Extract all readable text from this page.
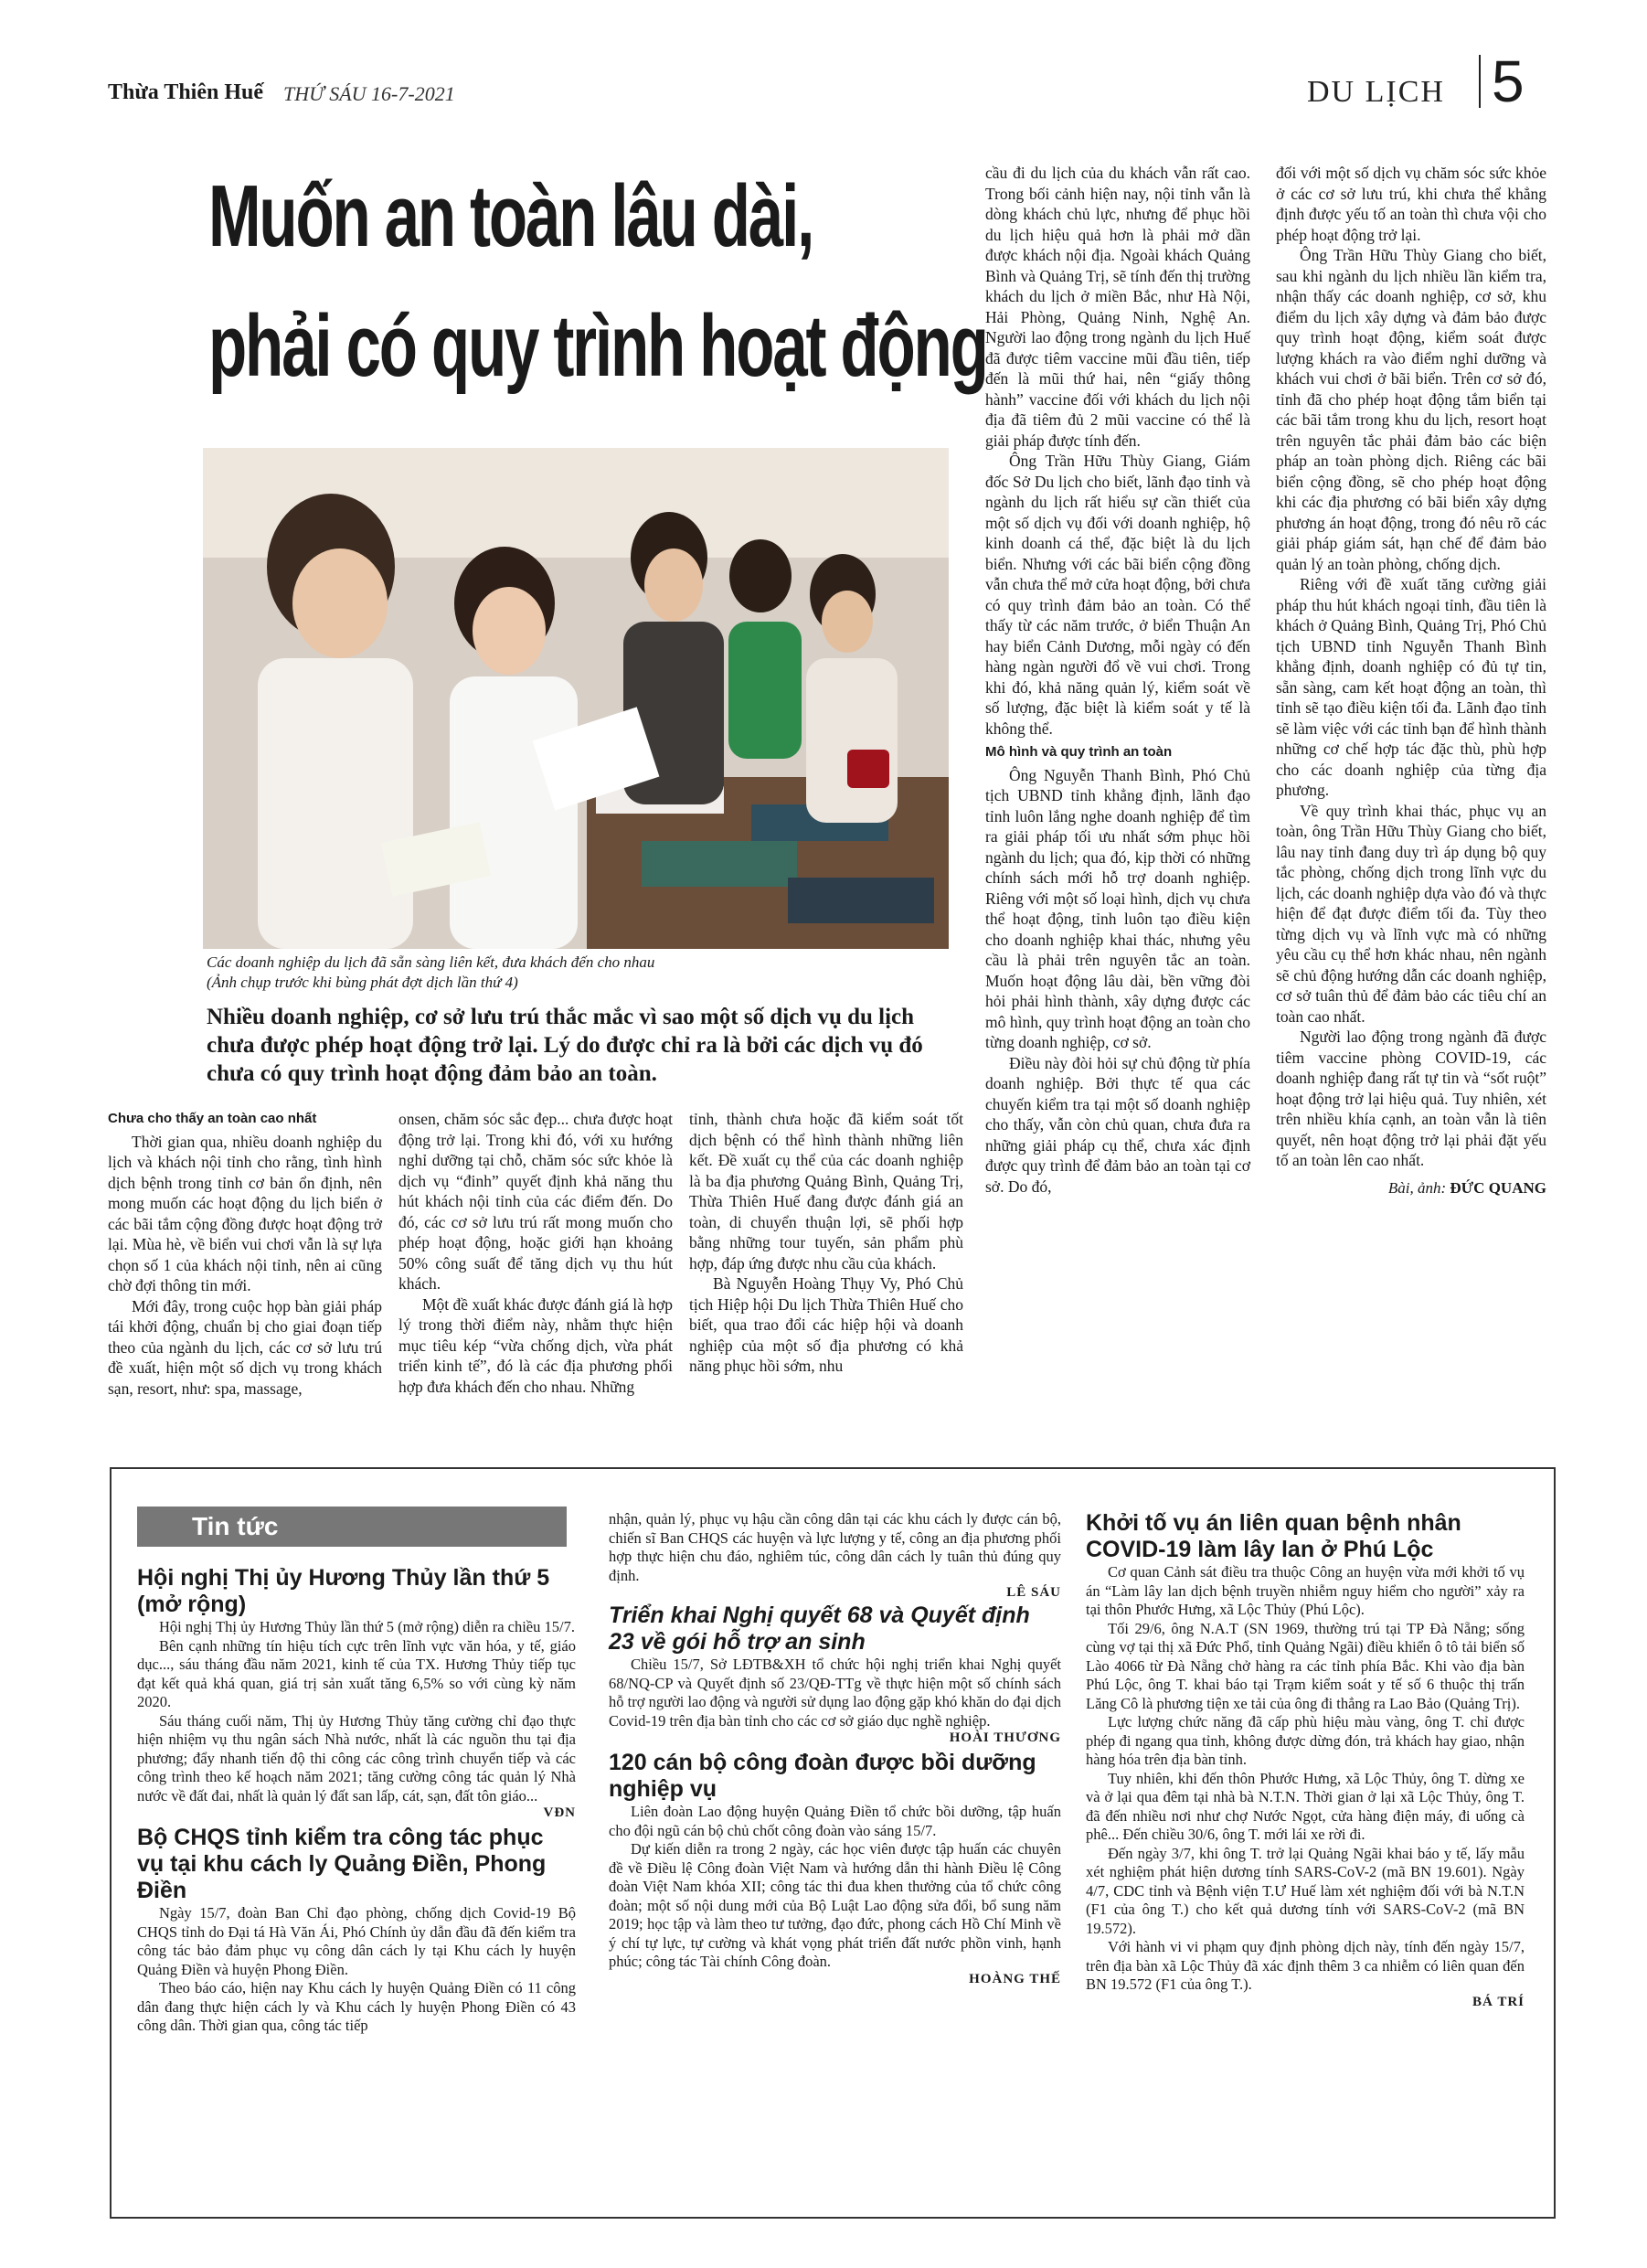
Thừa Thiên Huế THỨ SÁU 16-7-2021	DU LỊCH 5
Muốn an toàn lâu dài,
phải có quy trình hoạt động
Các doanh nghiệp du lịch đã sẵn sàng liên kết, đưa khách đến cho nhau
(Ảnh chụp trước khi bùng phát đợt dịch lần thứ 4)
Nhiều doanh nghiệp, cơ sở lưu trú thắc mắc vì sao một số dịch vụ du lịch chưa được phép hoạt động trở lại. Lý do được chỉ ra là bởi các dịch vụ đó chưa có quy trình hoạt động đảm bảo an toàn.
Chưa cho thấy an toàn cao nhất

Thời gian qua, nhiều doanh nghiệp du lịch và khách nội tỉnh cho rằng, tình hình dịch bệnh trong tỉnh cơ bản ổn định, nên mong muốn các hoạt động du lịch biển ở các bãi tắm cộng đồng được hoạt động trở lại. Mùa hè, về biển vui chơi vẫn là sự lựa chọn số 1 của khách nội tỉnh, nên ai cũng chờ đợi thông tin mới.

Mới đây, trong cuộc họp bàn giải pháp tái khởi động, chuẩn bị cho giai đoạn tiếp theo của ngành du lịch, các cơ sở lưu trú đề xuất, hiện một số dịch vụ trong khách sạn, resort, như: spa, massage,

onsen, chăm sóc sắc đẹp... chưa được hoạt động trở lại. Trong khi đó, với xu hướng nghỉ dưỡng tại chỗ, chăm sóc sức khỏe là dịch vụ “đinh” quyết định khả năng thu hút khách nội tỉnh của các điểm đến. Do đó, các cơ sở lưu trú rất mong muốn cho phép hoạt động, hoặc giới hạn khoảng 50% công suất để tăng dịch vụ thu hút khách.

Một đề xuất khác được đánh giá là hợp lý trong thời điểm này, nhằm thực hiện mục tiêu kép “vừa chống dịch, vừa phát triển kinh tế”, đó là các địa phương phối hợp đưa khách đến cho nhau. Những

tỉnh, thành chưa hoặc đã kiểm soát tốt dịch bệnh có thể hình thành những liên kết. Đề xuất cụ thể của các doanh nghiệp là ba địa phương Quảng Bình, Quảng Trị, Thừa Thiên Huế đang được đánh giá an toàn, di chuyển thuận lợi, sẽ phối hợp bằng những tour tuyến, sản phẩm phù hợp, đáp ứng được nhu cầu của khách.

Bà Nguyễn Hoàng Thụy Vy, Phó Chủ tịch Hiệp hội Du lịch Thừa Thiên Huế cho biết, qua trao đổi các hiệp hội và doanh nghiệp của một số địa phương có khả năng phục hồi sớm, nhu

cầu đi du lịch của du khách vẫn rất cao. Trong bối cảnh hiện nay, nội tỉnh vẫn là dòng khách chủ lực, nhưng để phục hồi du lịch hiệu quả hơn là phải mở dần được khách nội địa. Ngoài khách Quảng Bình và Quảng Trị, sẽ tính đến thị trường khách du lịch ở miền Bắc, như Hà Nội, Hải Phòng, Quảng Ninh, Nghệ An. Người lao động trong ngành du lịch Huế đã được tiêm vaccine mũi đầu tiên, tiếp đến là mũi thứ hai, nên “giấy thông hành” vaccine đối với khách du lịch nội địa đã tiêm đủ 2 mũi vaccine có thể là giải pháp được tính đến.

Ông Trần Hữu Thùy Giang, Giám đốc Sở Du lịch cho biết, lãnh đạo tỉnh và ngành du lịch rất hiểu sự cần thiết của một số dịch vụ đối với doanh nghiệp, hộ kinh doanh cá thể, đặc biệt là du lịch biển. Nhưng với các bãi biển cộng đồng vẫn chưa thể mở cửa hoạt động, bởi chưa có quy trình đảm bảo an toàn. Có thể thấy từ các năm trước, ở biển Thuận An hay biển Cảnh Dương, mỗi ngày có đến hàng ngàn người đổ về vui chơi. Trong khi đó, khả năng quản lý, kiểm soát về số lượng, đặc biệt là kiểm soát y tế là không thể.

Mô hình và quy trình an toàn

Ông Nguyễn Thanh Bình, Phó Chủ tịch UBND tỉnh khẳng định, lãnh đạo tỉnh luôn lắng nghe doanh nghiệp để tìm ra giải pháp tối ưu nhất sớm phục hồi ngành du lịch; qua đó, kịp thời có những chính sách mới hỗ trợ doanh nghiệp. Riêng với một số loại hình, dịch vụ chưa thể hoạt động, tỉnh luôn tạo điều kiện cho doanh nghiệp khai thác, nhưng yêu cầu là phải trên nguyên tắc an toàn. Muốn hoạt động lâu dài, bền vững đòi hỏi phải hình thành, xây dựng được các mô hình, quy trình hoạt động an toàn cho từng doanh nghiệp, cơ sở.

Điều này đòi hỏi sự chủ động từ phía doanh nghiệp. Bởi thực tế qua các chuyến kiểm tra tại một số doanh nghiệp cho thấy, vẫn còn chủ quan, chưa đưa ra những giải pháp cụ thể, chưa xác định được quy trình để đảm bảo an toàn tại cơ sở. Do đó,

đối với một số dịch vụ chăm sóc sức khỏe ở các cơ sở lưu trú, khi chưa thể khẳng định được yếu tố an toàn thì chưa vội cho phép hoạt động trở lại.

Ông Trần Hữu Thùy Giang cho biết, sau khi ngành du lịch nhiều lần kiểm tra, nhận thấy các doanh nghiệp, cơ sở, khu điểm du lịch xây dựng và đảm bảo được quy trình hoạt động, kiểm soát được lượng khách ra vào điểm nghỉ dưỡng và khách vui chơi ở bãi biển. Trên cơ sở đó, tỉnh đã cho phép hoạt động tắm biển tại các bãi tắm trong khu du lịch, resort hoạt trên nguyên tắc phải đảm bảo các biện pháp an toàn phòng dịch. Riêng các bãi biển cộng đồng, sẽ cho phép hoạt động khi các địa phương có bãi biển xây dựng phương án hoạt động, trong đó nêu rõ các giải pháp giám sát, hạn chế để đảm bảo quản lý an toàn phòng, chống dịch.

Riêng với đề xuất tăng cường giải pháp thu hút khách ngoại tỉnh, đầu tiên là khách ở Quảng Bình, Quảng Trị, Phó Chủ tịch UBND tỉnh Nguyễn Thanh Bình khẳng định, doanh nghiệp có đủ tự tin, sẵn sàng, cam kết hoạt động an toàn, thì tỉnh sẽ tạo điều kiện tối đa. Lãnh đạo tỉnh sẽ làm việc với các tỉnh bạn để hình thành những cơ chế hợp tác đặc thù, phù hợp cho các doanh nghiệp của từng địa phương.

Về quy trình khai thác, phục vụ an toàn, ông Trần Hữu Thùy Giang cho biết, lâu nay tỉnh đang duy trì áp dụng bộ quy tắc phòng, chống dịch trong lĩnh vực du lịch, các doanh nghiệp dựa vào đó và thực hiện để đạt được điểm tối đa. Tùy theo từng dịch vụ và lĩnh vực mà có những yêu cầu cụ thể hơn khác nhau, nên ngành sẽ chủ động hướng dẫn các doanh nghiệp, cơ sở tuân thủ để đảm bảo các tiêu chí an toàn cao nhất.

Người lao động trong ngành đã được tiêm vaccine phòng COVID-19, các doanh nghiệp đang rất tự tin và “sốt ruột” hoạt động trở lại hiệu quả. Tuy nhiên, xét trên nhiều khía cạnh, an toàn vẫn là tiên quyết, nên hoạt động trở lại phải đặt yếu tố an toàn lên cao nhất.

Bài, ảnh: ĐỨC QUANG
Tin tức
Hội nghị Thị ủy Hương Thủy lần thứ 5 (mở rộng)

Hội nghị Thị ủy Hương Thủy lần thứ 5 (mở rộng) diễn ra chiều 15/7.

Bên cạnh những tín hiệu tích cực trên lĩnh vực văn hóa, y tế, giáo dục..., sáu tháng đầu năm 2021, kinh tế của TX. Hương Thủy tiếp tục đạt kết quả khá quan, giá trị sản xuất tăng 6,5% so với cùng kỳ năm 2020.

Sáu tháng cuối năm, Thị ủy Hương Thủy tăng cường chỉ đạo thực hiện nhiệm vụ thu ngân sách Nhà nước, nhất là các nguồn thu tại địa phương; đẩy nhanh tiến độ thi công các công trình chuyển tiếp và các công trình theo kế hoạch năm 2021; tăng cường công tác quản lý Nhà nước về đất đai, nhất là quản lý đất san lấp, cát, sạn, đất tôn giáo...

VĐN
Bộ CHQS tỉnh kiểm tra công tác phục vụ tại khu cách ly Quảng Điền, Phong Điền

Ngày 15/7, đoàn Ban Chỉ đạo phòng, chống dịch Covid-19 Bộ CHQS tỉnh do Đại tá Hà Văn Ái, Phó Chính ủy dẫn đầu đã đến kiểm tra công tác bảo đảm phục vụ công dân cách ly tại Khu cách ly huyện Quảng Điền và huyện Phong Điền.

Theo báo cáo, hiện nay Khu cách ly huyện Quảng Điền có 11 công dân đang thực hiện cách ly và Khu cách ly huyện Phong Điền có 43 công dân. Thời gian qua, công tác tiếp

nhận, quản lý, phục vụ hậu cần công dân tại các khu cách ly được cán bộ, chiến sĩ Ban CHQS các huyện và lực lượng y tế, công an địa phương phối hợp thực hiện chu đáo, nghiêm túc, công dân cách ly tuân thủ đúng quy định.

LÊ SÁU
Triển khai Nghị quyết 68 và Quyết định 23 về gói hỗ trợ an sinh

Chiều 15/7, Sở LĐTB&XH tổ chức hội nghị triển khai Nghị quyết 68/NQ-CP và Quyết định số 23/QĐ-TTg về thực hiện một số chính sách hỗ trợ người lao động và người sử dụng lao động gặp khó khăn do đại dịch Covid-19 trên địa bàn tỉnh cho các cơ sở giáo dục nghề nghiệp.

HOÀI THƯƠNG
120 cán bộ công đoàn được bồi dưỡng nghiệp vụ

Liên đoàn Lao động huyện Quảng Điền tổ chức bồi dưỡng, tập huấn cho đội ngũ cán bộ chủ chốt công đoàn vào sáng 15/7.

Dự kiến diễn ra trong 2 ngày, các học viên được tập huấn các chuyên đề về Điều lệ Công đoàn Việt Nam và hướng dẫn thi hành Điều lệ Công đoàn Việt Nam khóa XII; công tác thi đua khen thưởng của tổ chức công đoàn; một số nội dung mới của Bộ Luật Lao động sửa đổi, bổ sung năm 2019; học tập và làm theo tư tưởng, đạo đức, phong cách Hồ Chí Minh về ý chí tự lực, tự cường và khát vọng phát triển đất nước phồn vinh, hạnh phúc; công tác Tài chính Công đoàn.

HOÀNG THẾ
Khởi tố vụ án liên quan bệnh nhân COVID-19 làm lây lan ở Phú Lộc

Cơ quan Cảnh sát điều tra thuộc Công an huyện vừa mới khởi tố vụ án “Làm lây lan dịch bệnh truyền nhiễm nguy hiểm cho người” xảy ra tại thôn Phước Hưng, xã Lộc Thủy (Phú Lộc).

Tối 29/6, ông N.A.T (SN 1969, thường trú tại TP Đà Nẵng; sống cùng vợ tại thị xã Đức Phổ, tỉnh Quảng Ngãi) điều khiển ô tô tải biển số Lào 4066 từ Đà Nẵng chở hàng ra các tỉnh phía Bắc. Khi vào địa bàn Phú Lộc, ông T. khai báo tại Trạm kiểm soát y tế số 6 thuộc thị trấn Lăng Cô là phương tiện xe tải của ông đi thẳng ra Lao Bảo (Quảng Trị).

Lực lượng chức năng đã cấp phù hiệu màu vàng, ông T. chỉ được phép đi ngang qua tỉnh, không được dừng đón, trả khách hay giao, nhận hàng hóa trên địa bàn tỉnh.

Tuy nhiên, khi đến thôn Phước Hưng, xã Lộc Thủy, ông T. dừng xe và ở lại qua đêm tại nhà bà N.T.N. Thời gian ở lại xã Lộc Thủy, ông T. đã đến nhiều nơi như chợ Nước Ngọt, cửa hàng điện máy, đi uống cà phê... Đến chiều 30/6, ông T. mới lái xe rời đi.

Đến ngày 3/7, khi ông T. trở lại Quảng Ngãi khai báo y tế, lấy mẫu xét nghiệm phát hiện dương tính SARS-CoV-2 (mã BN 19.601). Ngày 4/7, CDC tỉnh và Bệnh viện T.Ư Huế làm xét nghiệm đối với bà N.T.N (F1 của ông T.) cho kết quả dương tính với SARS-CoV-2 (mã BN 19.572).

Với hành vi vi phạm quy định phòng dịch này, tính đến ngày 15/7, trên địa bàn xã Lộc Thủy đã xác định thêm 3 ca nhiễm có liên quan đến BN 19.572 (F1 của ông T.).

BÁ TRÍ
